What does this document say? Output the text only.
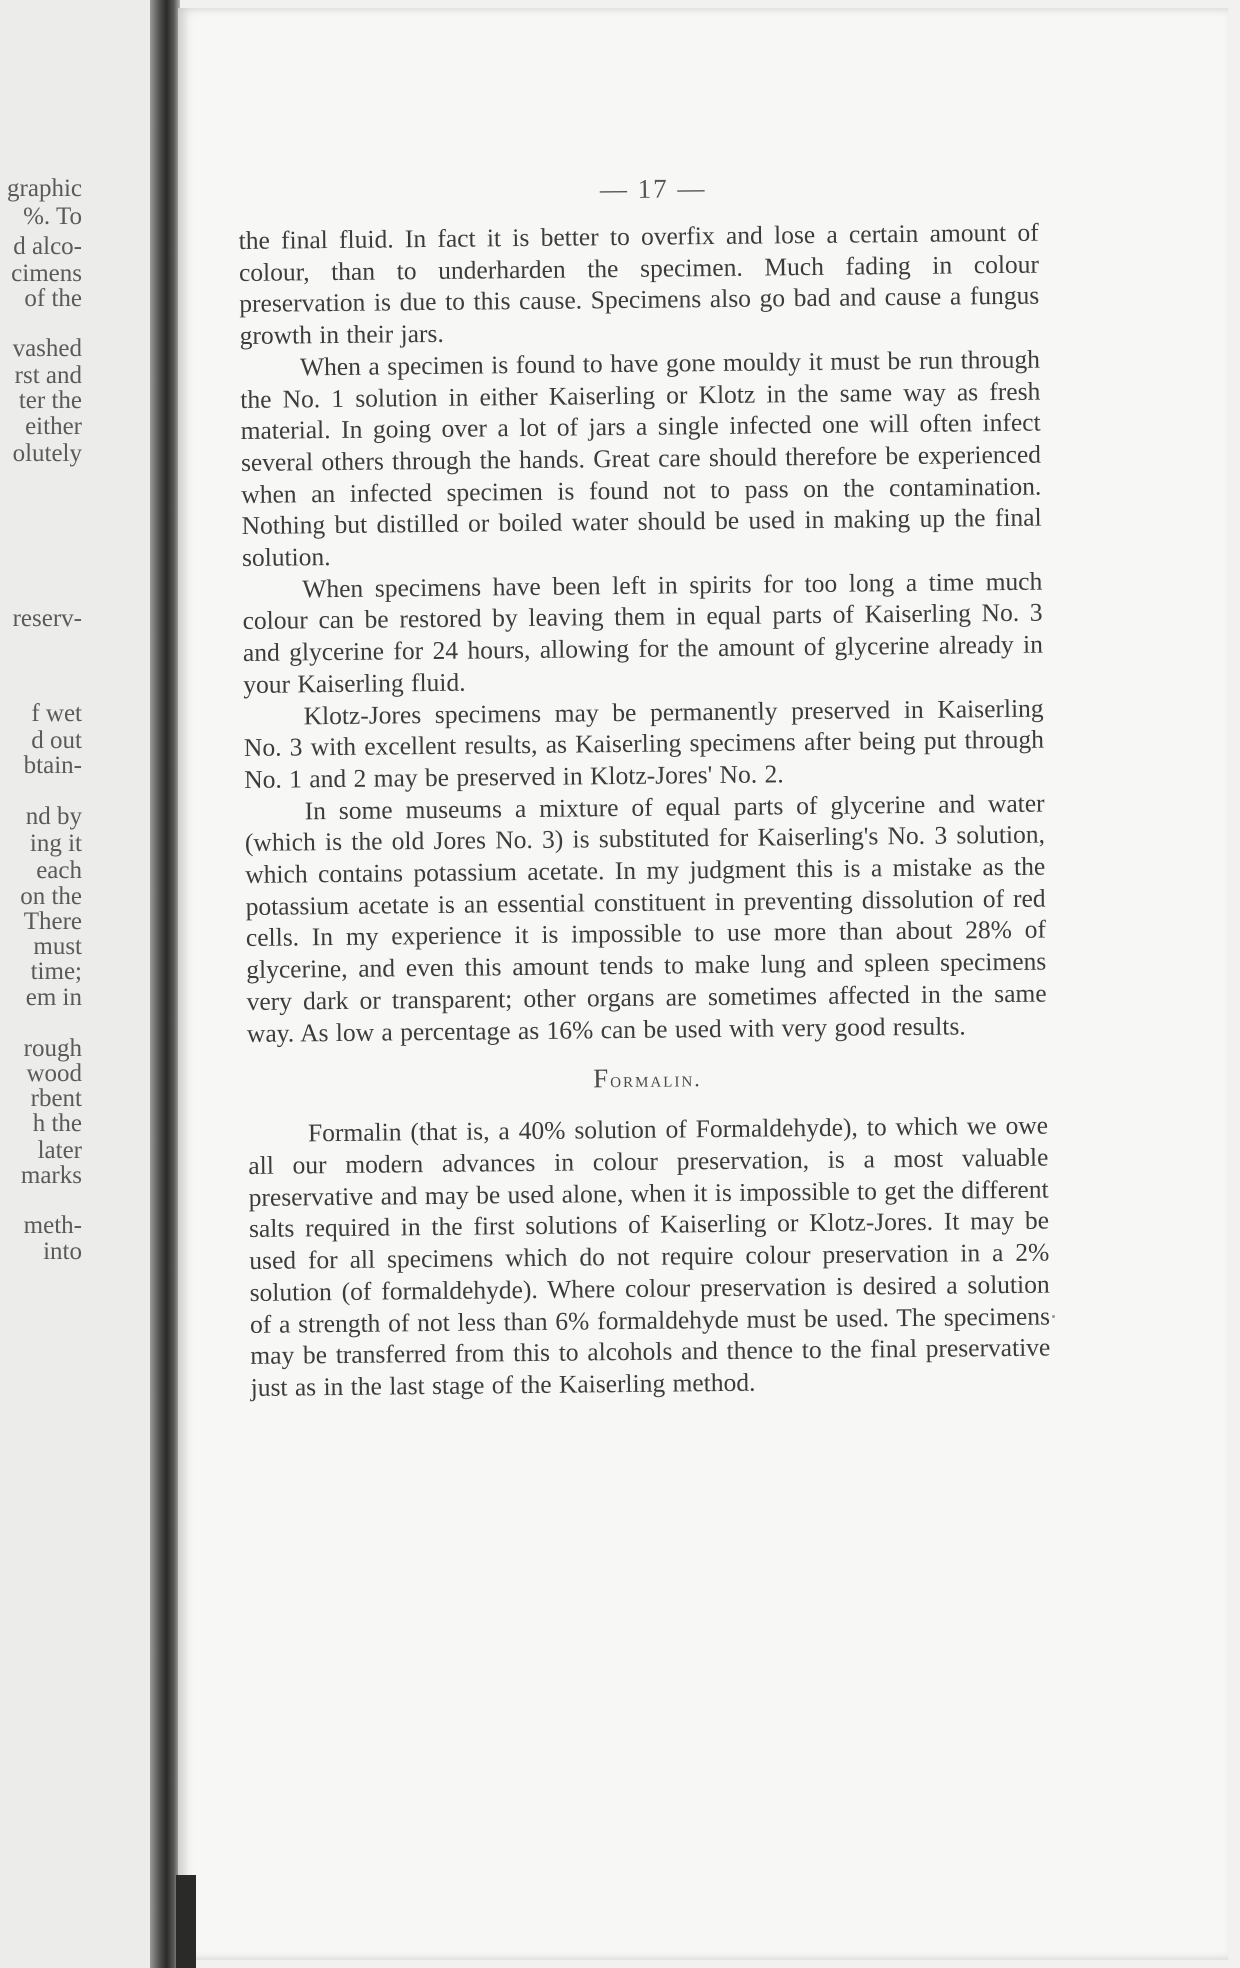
graphic
%. To
d alco-
cimens
of the
vashed
rst and
ter the
either
olutely
reserv-
f wet
d out
btain-
nd by
ing it
each
on the
There
must
time;
em in
rough
wood
rbent
h the
later
marks
meth-
into
— 17 —

the final fluid. In fact it is better to overfix and lose a certain amount of colour, than to underharden the specimen. Much fading in colour preservation is due to this cause. Specimens also go bad and cause a fungus growth in their jars.

When a specimen is found to have gone mouldy it must be run through the No. 1 solution in either Kaiserling or Klotz in the same way as fresh material. In going over a lot of jars a single infected one will often infect several others through the hands. Great care should therefore be experienced when an infected specimen is found not to pass on the contamination. Nothing but distilled or boiled water should be used in making up the final solution.

When specimens have been left in spirits for too long a time much colour can be restored by leaving them in equal parts of Kaiserling No. 3 and glycerine for 24 hours, allowing for the amount of glycerine already in your Kaiserling fluid.

Klotz-Jores specimens may be permanently preserved in Kaiserling No. 3 with excellent results, as Kaiserling specimens after being put through No. 1 and 2 may be preserved in Klotz-Jores' No. 2.

In some museums a mixture of equal parts of glycerine and water (which is the old Jores No. 3) is substituted for Kaiserling's No. 3 solution, which contains potassium acetate. In my judgment this is a mistake as the potassium acetate is an essential constituent in preventing dissolution of red cells. In my experience it is impossible to use more than about 28% of glycerine, and even this amount tends to make lung and spleen specimens very dark or transparent; other organs are sometimes affected in the same way. As low a percentage as 16% can be used with very good results.

Formalin.

Formalin (that is, a 40% solution of Formaldehyde), to which we owe all our modern advances in colour preservation, is a most valuable preservative and may be used alone, when it is impossible to get the different salts required in the first solutions of Kaiserling or Klotz-Jores. It may be used for all specimens which do not require colour preservation in a 2% solution (of formaldehyde). Where colour preservation is desired a solution of a strength of not less than 6% formaldehyde must be used. The specimens may be transferred from this to alcohols and thence to the final preservative just as in the last stage of the Kaiserling method.
